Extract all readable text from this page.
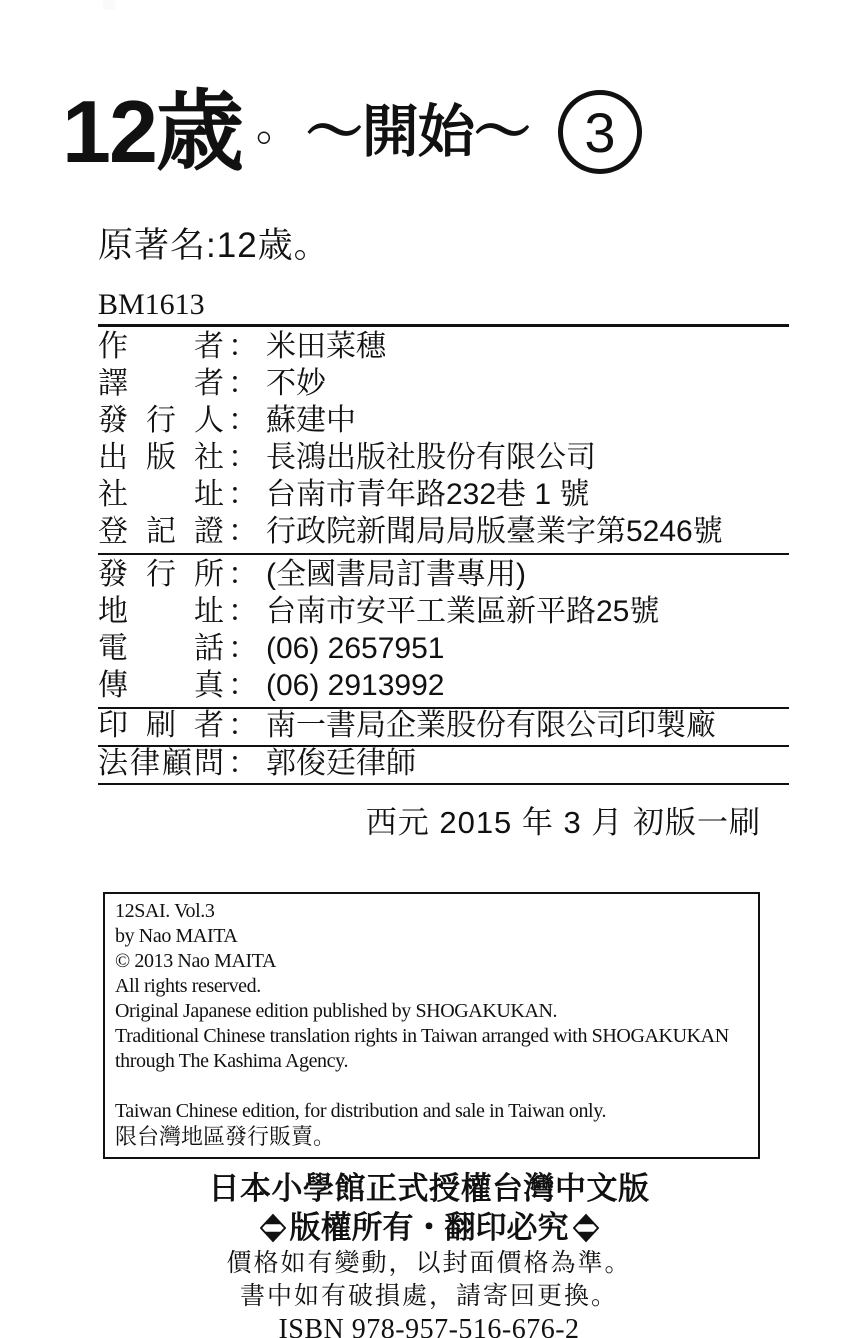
12歳 。 ～開始～ 3
原著名:12歳。
BM1613
作 者 ： 米田菜穗
譯 者 ： 不妙
發 行 人 ： 蘇建中
出 版 社 ： 長鴻出版社股份有限公司
社 址 ： 台南市青年路232巷 1 號
登 記 證 ： 行政院新聞局局版臺業字第5246號
發 行 所 ： (全國書局訂書專用)
地 址 ： 台南市安平工業區新平路25號
電 話 ： (06) 2657951
傳 真 ： (06) 2913992
印 刷 者 ： 南一書局企業股份有限公司印製廠
法 律 顧 問 ： 郭俊廷律師
西元 2015 年 3 月 初版一刷
12SAI. Vol.3
by Nao MAITA
© 2013 Nao MAITA
All rights reserved.
Original Japanese edition published by SHOGAKUKAN.
Traditional Chinese translation rights in Taiwan arranged with SHOGAKUKAN
through The Kashima Agency.
Taiwan Chinese edition, for distribution and sale in Taiwan only.
限台灣地區發行販賣。
日本小學館正式授權台灣中文版
版權所有・翻印必究
價格如有變動，以封面價格為準。
書中如有破損處，請寄回更換。
ISBN 978-957-516-676-2
